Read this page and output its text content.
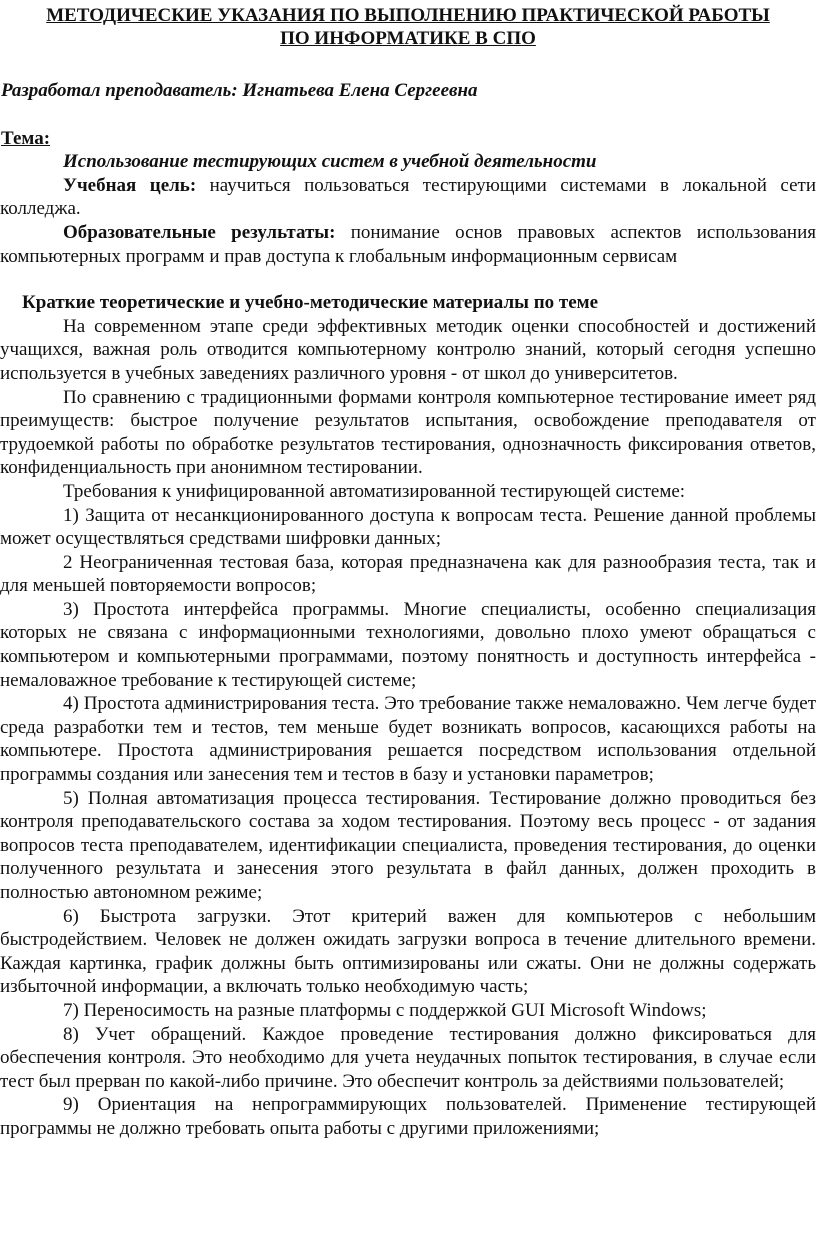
МЕТОДИЧЕСКИЕ УКАЗАНИЯ ПО ВЫПОЛНЕНИЮ ПРАКТИЧЕСКОЙ РАБОТЫ
ПО ИНФОРМАТИКЕ В СПО
Разработал преподаватель: Игнатьева Елена Сергеевна
Тема:
Использование тестирующих систем в учебной деятельности

Учебная цель: научиться пользоваться тестирующими системами в локальной сети колледжа.

Образовательные результаты: понимание основ правовых аспектов использования компьютерных программ и прав доступа к глобальным информационным сервисам

Краткие теоретические и учебно-методические материалы по теме

На современном этапе среди эффективных методик оценки способностей и достижений учащихся, важная роль отводится компьютерному контролю знаний, который сегодня успешно используется в учебных заведениях различного уровня - от школ до университетов.

По сравнению с традиционными формами контроля компьютерное тестирование имеет ряд преимуществ: быстрое получение результатов испытания, освобождение преподавателя от трудоемкой работы по обработке результатов тестирования, однозначность фиксирования ответов, конфиденциальность при анонимном тестировании.

Требования к унифицированной автоматизированной тестирующей системе:

1) Защита от несанкционированного доступа к вопросам теста. Решение данной проблемы может осуществляться средствами шифровки данных;

2 Неограниченная тестовая база, которая предназначена как для разнообразия теста, так и для меньшей повторяемости вопросов;

3) Простота интерфейса программы. Многие специалисты, особенно специализация которых не связана с информационными технологиями, довольно плохо умеют обращаться с компьютером и компьютерными программами, поэтому понятность и доступность интерфейса - немаловажное требование к тестирующей системе;

4) Простота администрирования теста. Это требование также немаловажно. Чем легче будет среда разработки тем и тестов, тем меньше будет возникать вопросов, касающихся работы на компьютере. Простота администрирования решается посредством использования отдельной программы создания или занесения тем и тестов в базу и установки параметров;

5) Полная автоматизация процесса тестирования. Тестирование должно проводиться без контроля преподавательского состава за ходом тестирования. Поэтому весь процесс - от задания вопросов теста преподавателем, идентификации специалиста, проведения тестирования, до оценки полученного результата и занесения этого результата в файл данных, должен проходить в полностью автономном режиме;

6) Быстрота загрузки. Этот критерий важен для компьютеров с небольшим быстродействием. Человек не должен ожидать загрузки вопроса в течение длительного времени. Каждая картинка, график должны быть оптимизированы или сжаты. Они не должны содержать избыточной информации, а включать только необходимую часть;

7) Переносимость на разные платформы с поддержкой GUI Microsoft Windows;

8) Учет обращений. Каждое проведение тестирования должно фиксироваться для обеспечения контроля. Это необходимо для учета неудачных попыток тестирования, в случае если тест был прерван по какой-либо причине. Это обеспечит контроль за действиями пользователей;

9) Ориентация на непрограммирующих пользователей. Применение тестирующей программы не должно требовать опыта работы с другими приложениями;
